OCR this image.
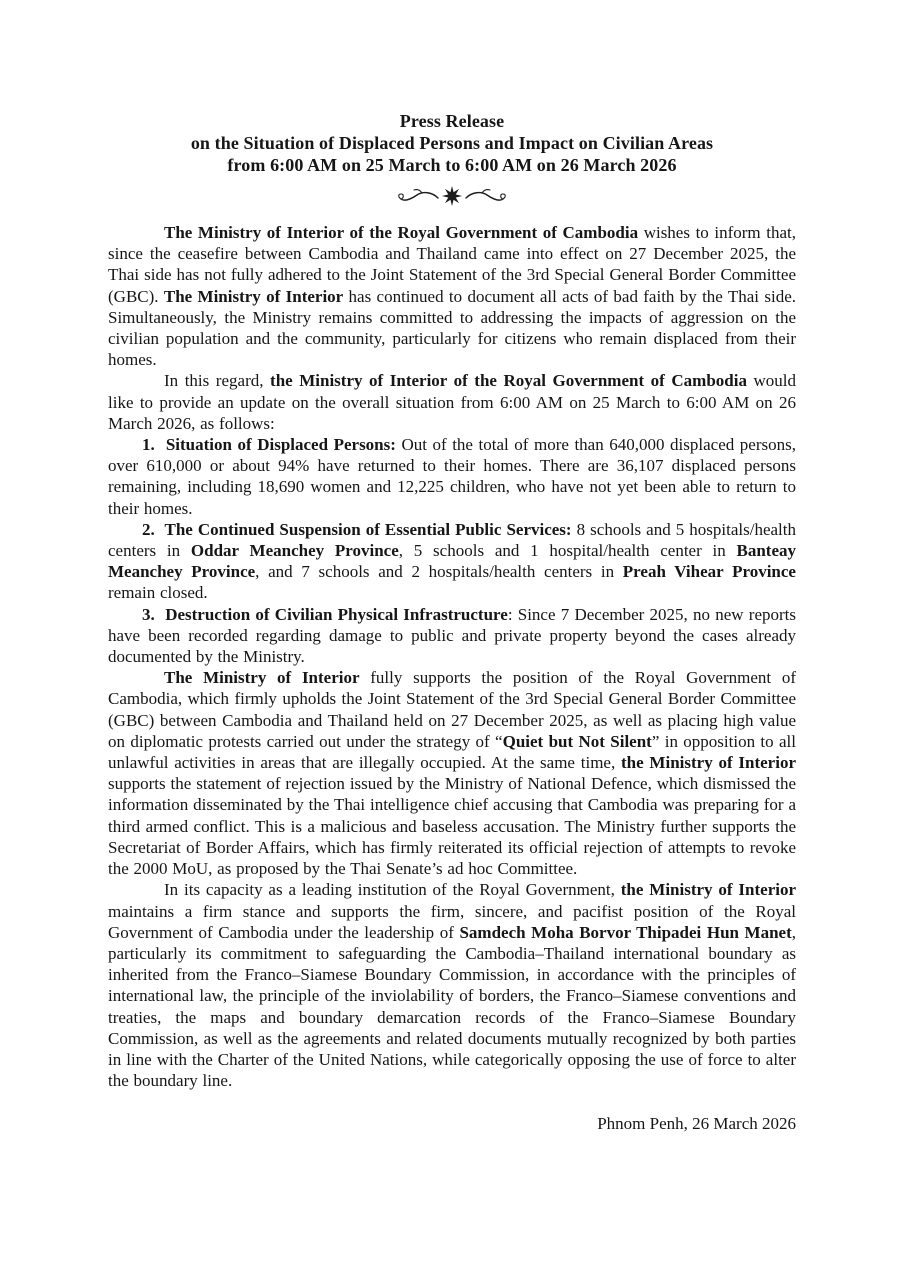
Press Release
on the Situation of Displaced Persons and Impact on Civilian Areas
from 6:00 AM on 25 March to 6:00 AM on 26 March 2026

The Ministry of Interior of the Royal Government of Cambodia wishes to inform that, since the ceasefire between Cambodia and Thailand came into effect on 27 December 2025, the Thai side has not fully adhered to the Joint Statement of the 3rd Special General Border Committee (GBC). The Ministry of Interior has continued to document all acts of bad faith by the Thai side. Simultaneously, the Ministry remains committed to addressing the impacts of aggression on the civilian population and the community, particularly for citizens who remain displaced from their homes.

In this regard, the Ministry of Interior of the Royal Government of Cambodia would like to provide an update on the overall situation from 6:00 AM on 25 March to 6:00 AM on 26 March 2026, as follows:

1.  Situation of Displaced Persons: Out of the total of more than 640,000 displaced persons, over 610,000 or about 94% have returned to their homes. There are 36,107 displaced persons remaining, including 18,690 women and 12,225 children, who have not yet been able to return to their homes.

2.  The Continued Suspension of Essential Public Services: 8 schools and 5 hospitals/health centers in Oddar Meanchey Province, 5 schools and 1 hospital/health center in Banteay Meanchey Province, and 7 schools and 2 hospitals/health centers in Preah Vihear Province remain closed.

3.  Destruction of Civilian Physical Infrastructure: Since 7 December 2025, no new reports have been recorded regarding damage to public and private property beyond the cases already documented by the Ministry.

The Ministry of Interior fully supports the position of the Royal Government of Cambodia, which firmly upholds the Joint Statement of the 3rd Special General Border Committee (GBC) between Cambodia and Thailand held on 27 December 2025, as well as placing high value on diplomatic protests carried out under the strategy of “Quiet but Not Silent” in opposition to all unlawful activities in areas that are illegally occupied. At the same time, the Ministry of Interior supports the statement of rejection issued by the Ministry of National Defence, which dismissed the information disseminated by the Thai intelligence chief accusing that Cambodia was preparing for a third armed conflict. This is a malicious and baseless accusation. The Ministry further supports the Secretariat of Border Affairs, which has firmly reiterated its official rejection of attempts to revoke the 2000 MoU, as proposed by the Thai Senate’s ad hoc Committee.

In its capacity as a leading institution of the Royal Government, the Ministry of Interior maintains a firm stance and supports the firm, sincere, and pacifist position of the Royal Government of Cambodia under the leadership of Samdech Moha Borvor Thipadei Hun Manet, particularly its commitment to safeguarding the Cambodia–Thailand international boundary as inherited from the Franco–Siamese Boundary Commission, in accordance with the principles of international law, the principle of the inviolability of borders, the Franco–Siamese conventions and treaties, the maps and boundary demarcation records of the Franco–Siamese Boundary Commission, as well as the agreements and related documents mutually recognized by both parties in line with the Charter of the United Nations, while categorically opposing the use of force to alter the boundary line.

Phnom Penh, 26 March 2026
